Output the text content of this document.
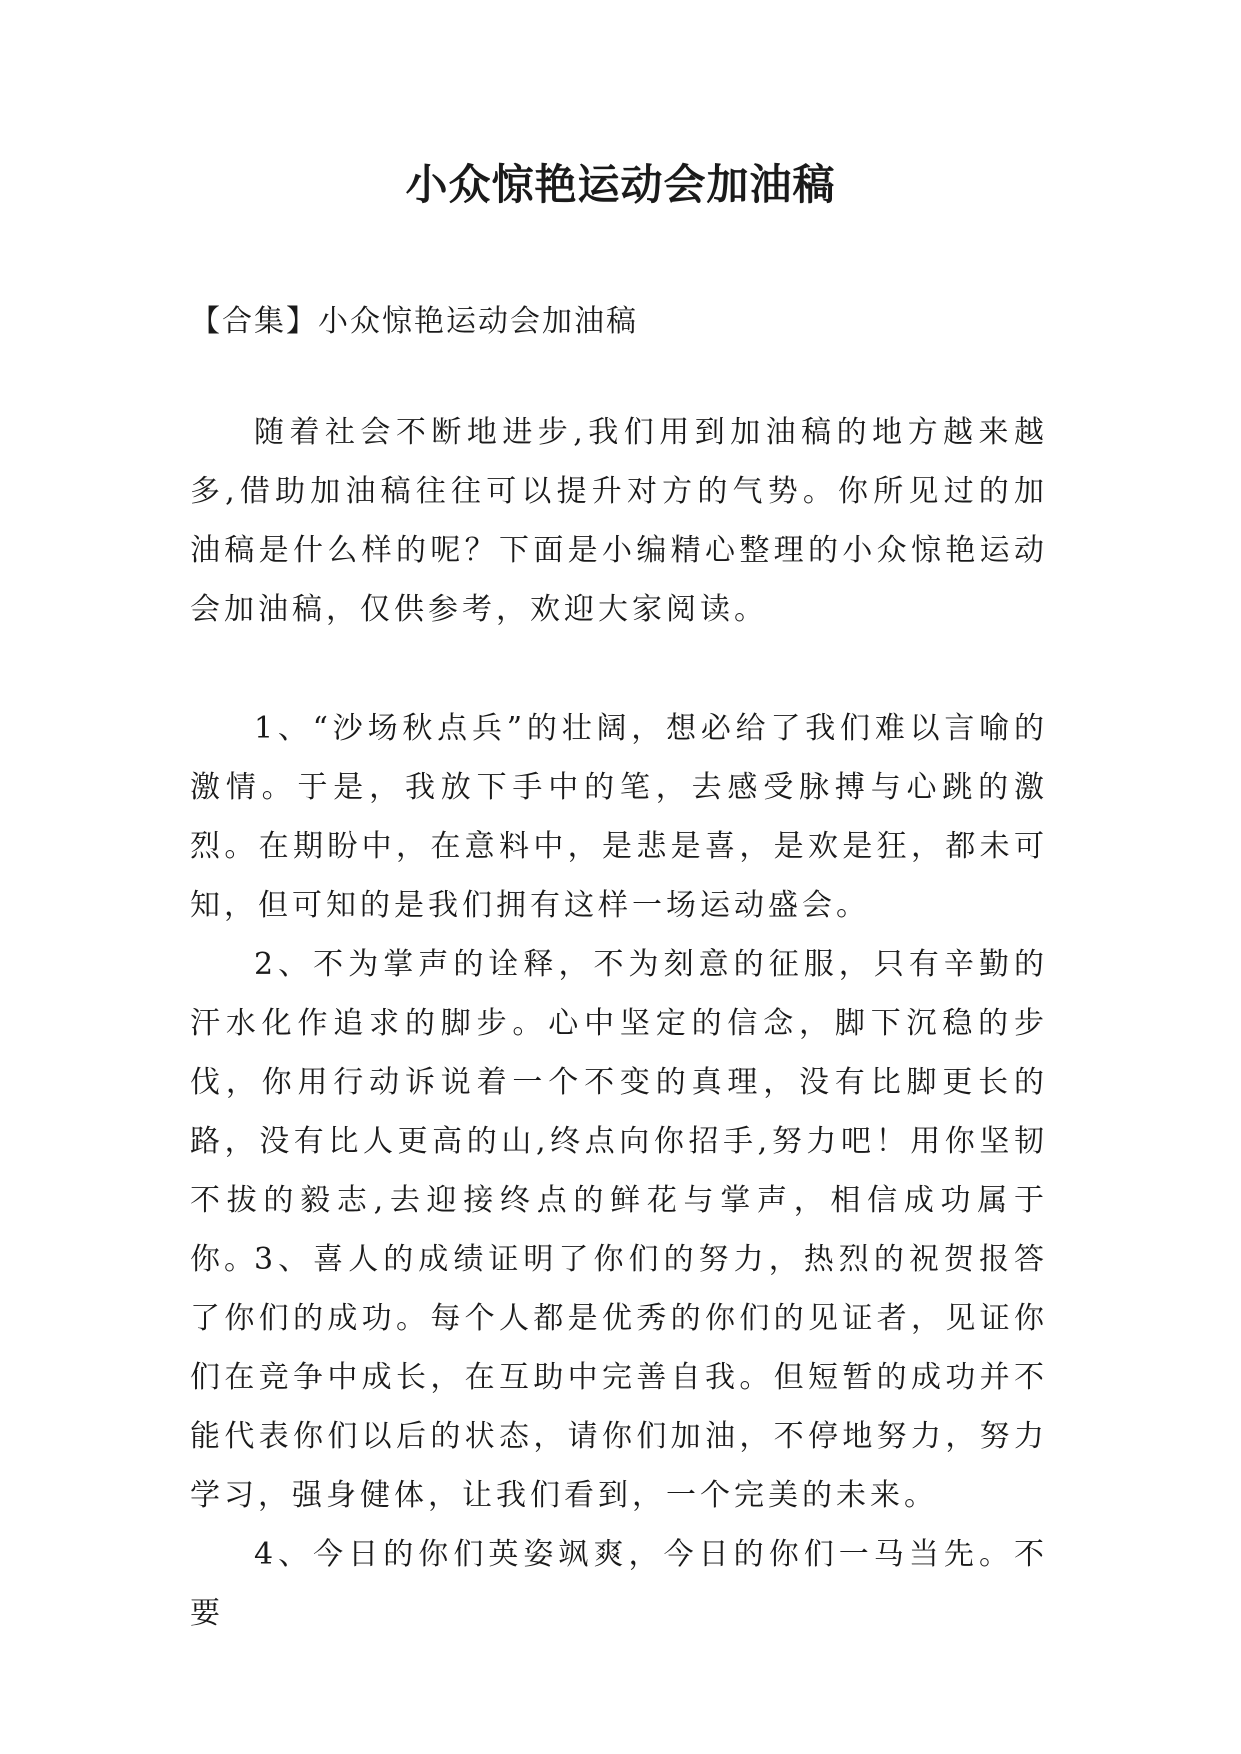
小众惊艳运动会加油稿

【合集】小众惊艳运动会加油稿

随着社会不断地进步,我们用到加油稿的地方越来越多,借助加油稿往往可以提升对方的气势。你所见过的加油稿是什么样的呢？下面是小编精心整理的小众惊艳运动会加油稿，仅供参考，欢迎大家阅读。

1、“沙场秋点兵”的壮阔，想必给了我们难以言喻的激情。于是，我放下手中的笔，去感受脉搏与心跳的激烈。在期盼中，在意料中，是悲是喜，是欢是狂，都未可知，但可知的是我们拥有这样一场运动盛会。

2、不为掌声的诠释，不为刻意的征服，只有辛勤的汗水化作追求的脚步。心中坚定的信念，脚下沉稳的步伐，你用行动诉说着一个不变的真理，没有比脚更长的路，没有比人更高的山,终点向你招手,努力吧！用你坚韧不拔的毅志,去迎接终点的鲜花与掌声，相信成功属于你。

3、喜人的成绩证明了你们的努力，热烈的祝贺报答了你们的成功。每个人都是优秀的你们的见证者，见证你们在竞争中成长，在互助中完善自我。但短暂的成功并不能代表你们以后的状态，请你们加油，不停地努力，努力学习，强身健体，让我们看到，一个完美的未来。

4、今日的你们英姿飒爽，今日的你们一马当先。不要
